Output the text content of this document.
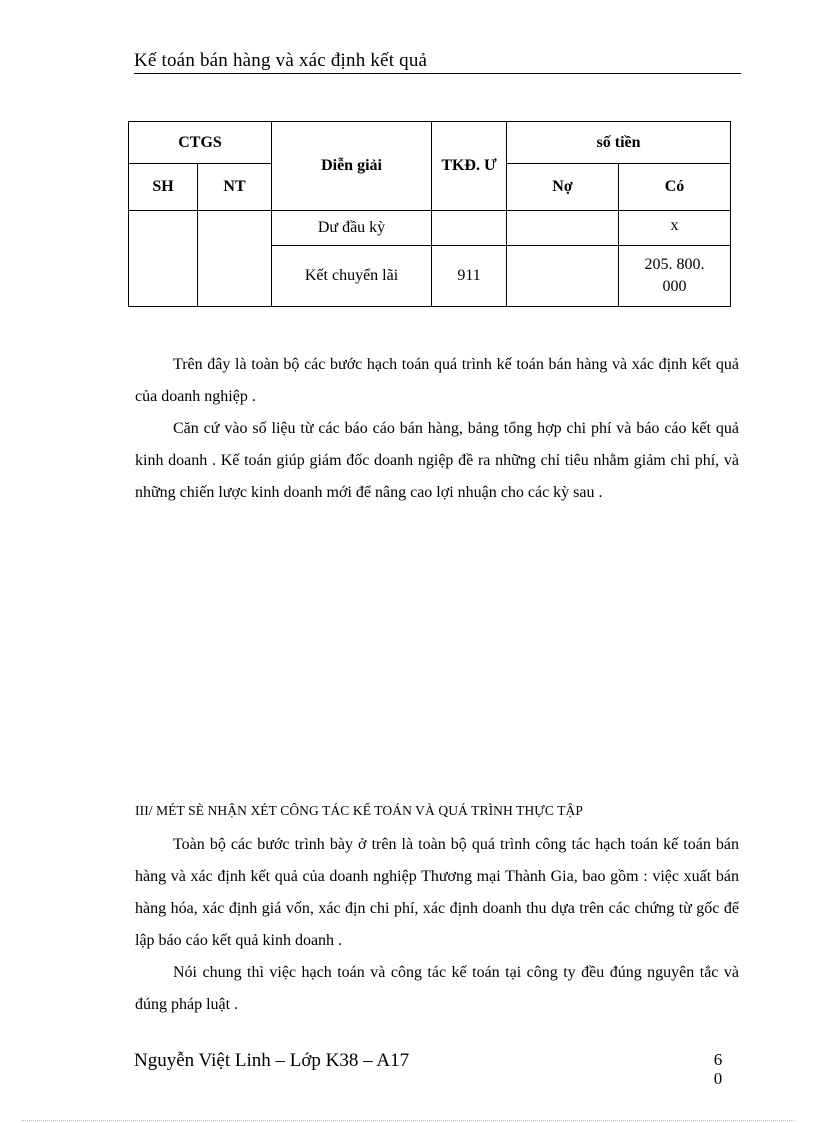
Kế toán bán hàng và xác định kết quả
CTGS		Diễn giải	TKĐ. Ư	số tiền	
SH	NT			Nợ	Có
		Dư đầu kỳ			x
		Kết chuyển lãi	911		205. 800. 000

Trên đây là toàn bộ các bước hạch toán quá trình kế toán bán hàng và xác định kết quả của doanh nghiệp .

Căn cứ vào số liệu từ các báo cáo bán hàng, bảng tổng hợp chi phí và báo cáo kết quả kinh doanh . Kế toán giúp giám đốc doanh ngiệp đề ra những chỉ tiêu nhằm giảm chi phí, và những chiến lược kinh doanh mới để nâng cao lợi nhuận cho các kỳ sau .

III/ MÉT SÈ NHẬN XÉT CÔNG TÁC KẾ TOÁN VÀ QUÁ TRÌNH THỰC TẬP

Toàn bộ các bước trình bày ở trên là toàn bộ quá trình công tác hạch toán kế toán bán hàng và xác định kết quả của doanh nghiệp Thương mại Thành Gia, bao gồm : việc xuất bán hàng hóa, xác định giá vốn, xác địn chi phí, xác định doanh thu dựa trên các chứng từ gốc để lập báo cáo kết quả kinh doanh .

Nói chung thì việc hạch toán và công tác kế toán tại công ty đều đúng nguyên tắc và đúng pháp luật .

Nguyễn Việt Linh – Lớp K38 – A17	6
0
